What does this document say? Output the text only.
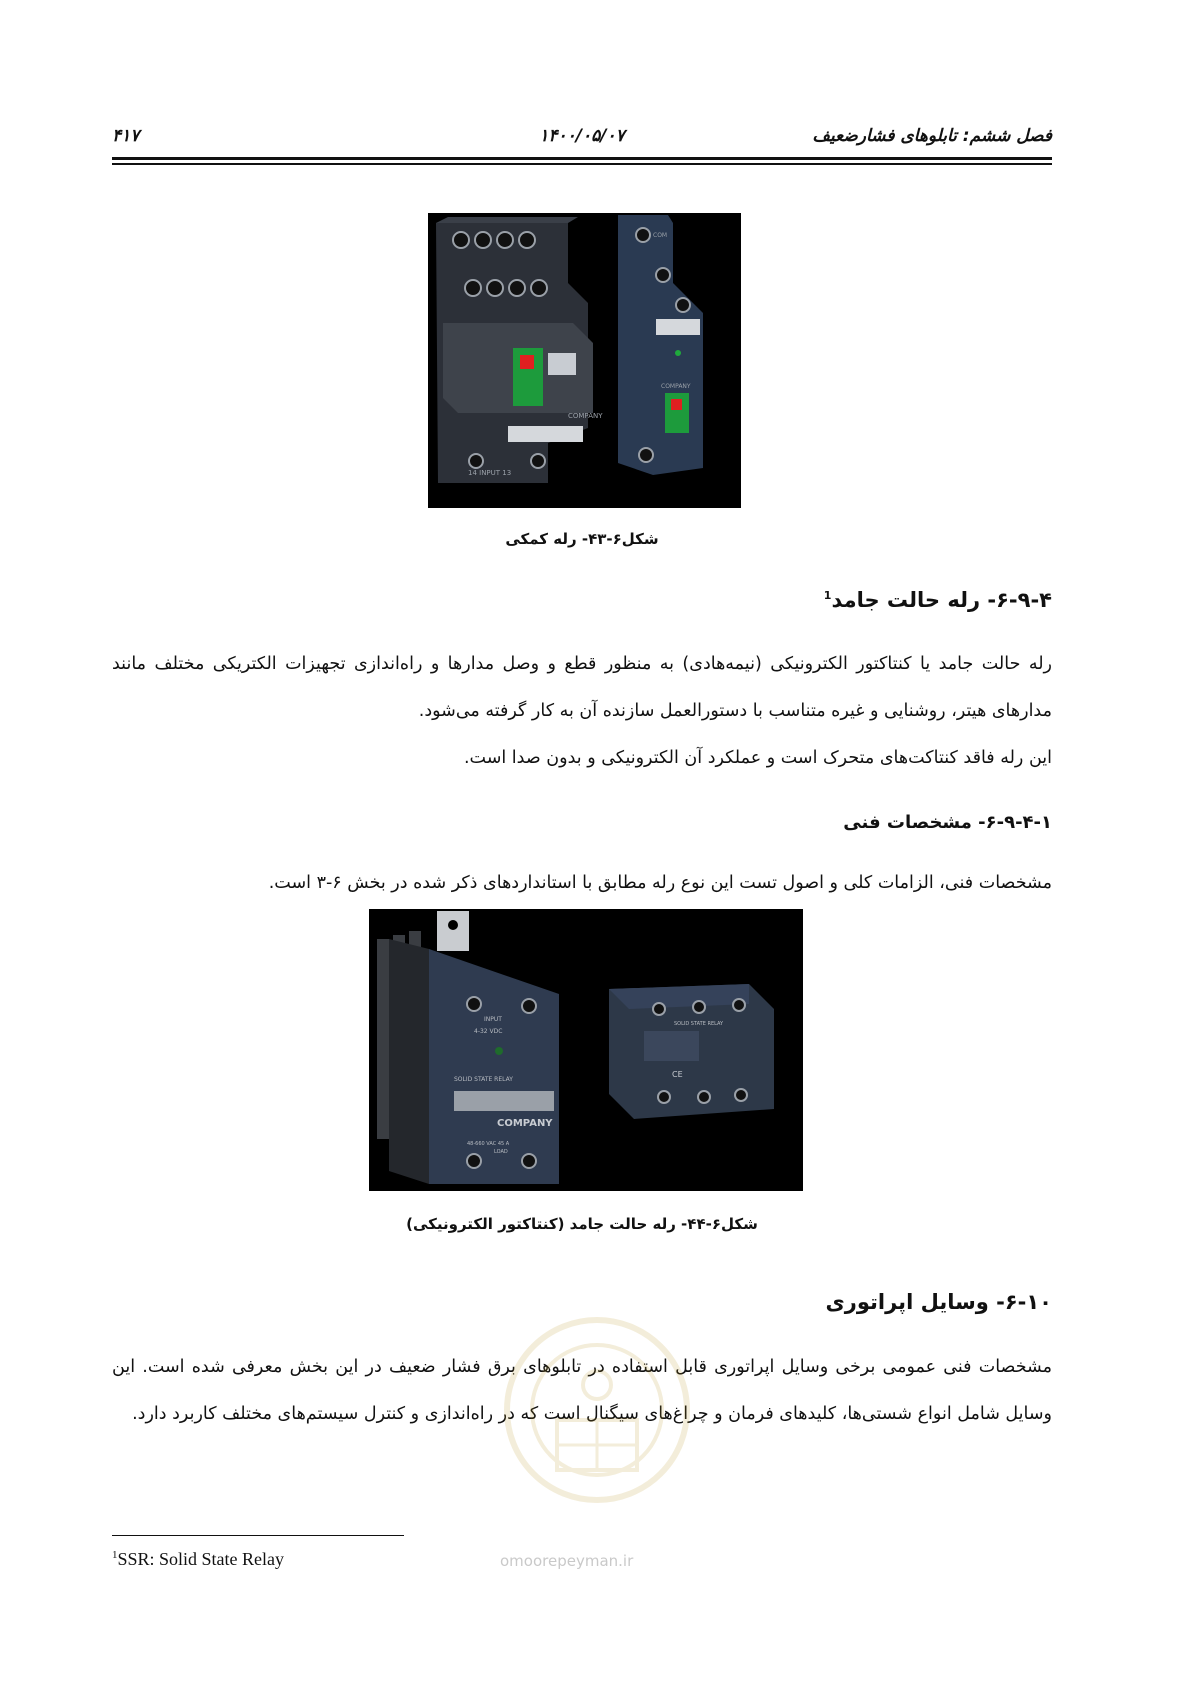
فصل ششم: تابلوهای فشارضعیف
۱۴۰۰/۰۵/۰۷
۴۱۷
COMPANY
14 INPUT 13
COM
COMPANY
شکل۶-۴۳- رله کمکی
۶-۹-۴- رله حالت جامد$^1$
رله حالت جامد یا کنتاکتور الکترونیکی (نیمه‌هادی) به منظور قطع و وصل مدارها و راه‌اندازی تجهیزات الکتریکی مختلف مانند مدارهای هیتر، روشنایی و غیره متناسب با دستورالعمل سازنده آن به کار گرفته می‌شود.
این رله فاقد کنتاکت‌های متحرک است و عملکرد آن الکترونیکی و بدون صدا است.
۶-۹-۴-۱- مشخصات فنی
مشخصات فنی، الزامات کلی و اصول تست این نوع رله مطابق با استانداردهای ذکر شده در بخش ۶-۳ است.
INPUT
4-32 VDC
SOLID STATE RELAY
COMPANY
48-660 VAC 45 A
LOAD
SOLID STATE RELAY
CE
شکل۶-۴۴- رله حالت جامد (کنتاکتور الکترونیکی)
۶-۱۰- وسایل اپراتوری
مشخصات فنی عمومی برخی وسایل اپراتوری قابل استفاده در تابلوهای برق فشار ضعیف در این بخش معرفی شده است. این وسایل شامل انواع شستی‌ها، کلیدهای فرمان و چراغ‌های سیگنال است که در راه‌اندازی و کنترل سیستم‌های مختلف کاربرد دارد.
omoorepeyman.ir
$^1$SSR: Solid State Relay
